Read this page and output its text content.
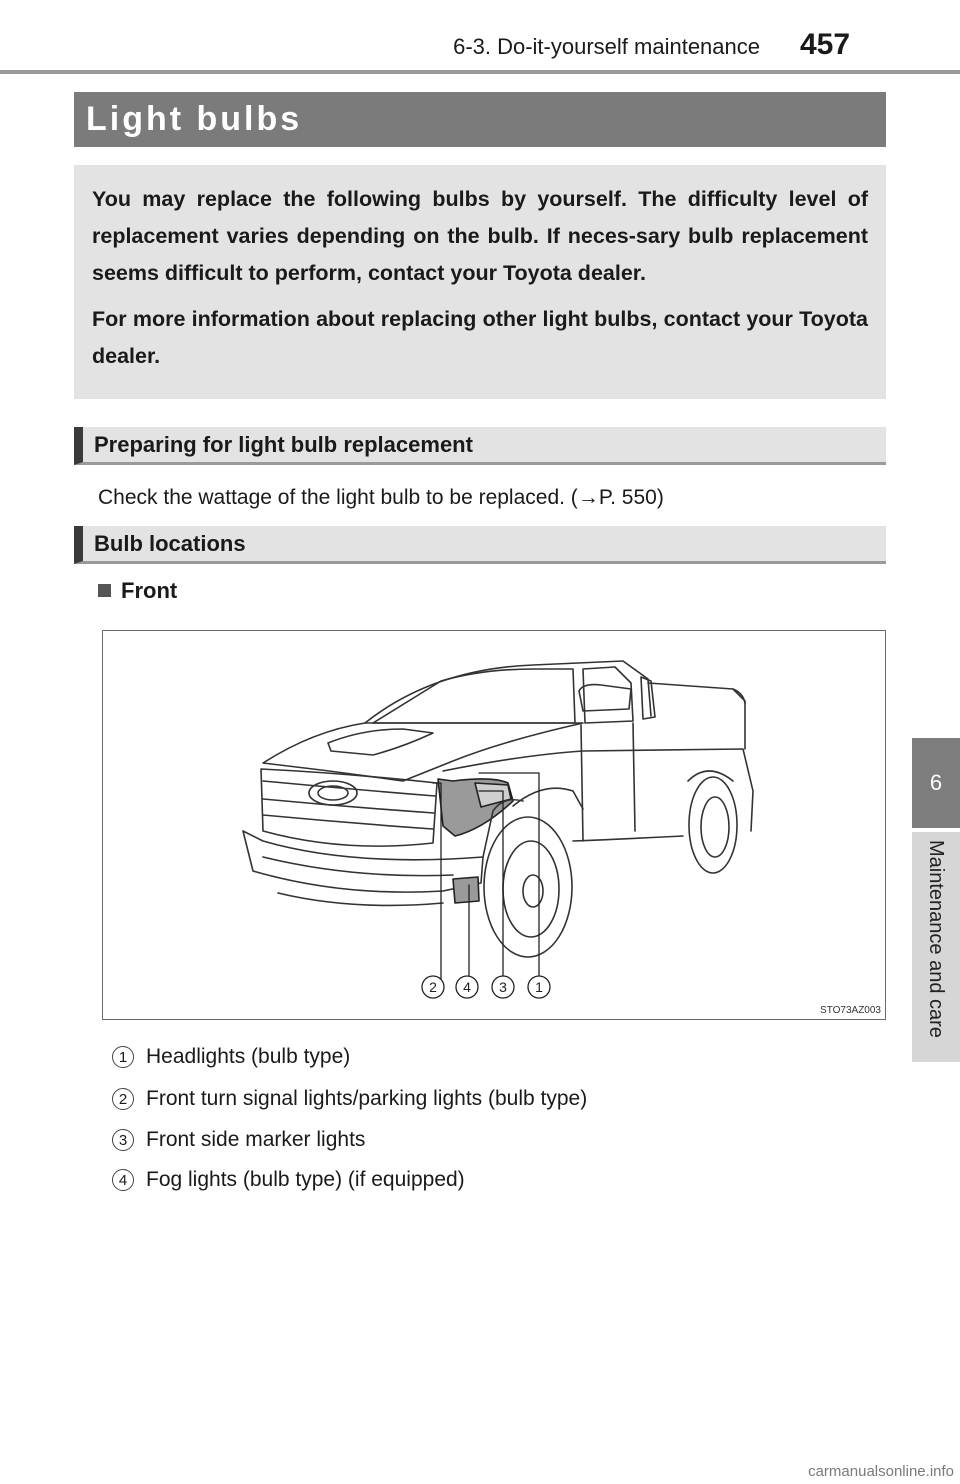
6-3. Do-it-yourself maintenance 457
6
Maintenance and care
Light bulbs

You may replace the following bulbs by yourself. The difficulty level of replacement varies depending on the bulb. If neces-sary bulb replacement seems difficult to perform, contact your Toyota dealer.

For more information about replacing other light bulbs, contact your Toyota dealer.

Preparing for light bulb replacement
Check the wattage of the light bulb to be replaced. (→P. 550)
Bulb locations
Front
2 4 3 1
STO73AZ003
1 Headlights (bulb type)
2 Front turn signal lights/parking lights (bulb type)
3 Front side marker lights
4 Fog lights (bulb type) (if equipped)
carmanualsonline.info
